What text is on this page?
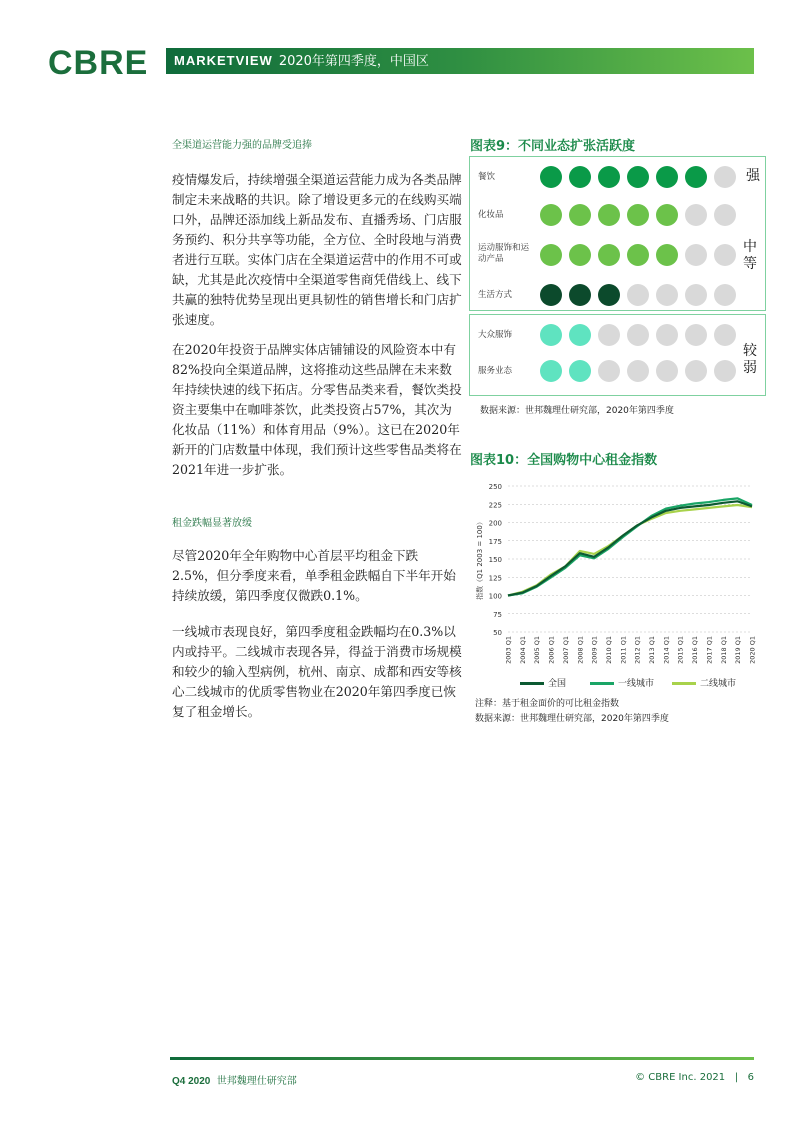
CBRE	MARKETVIEW 2020年第四季度，中国区
全渠道运营能力强的品牌受追捧

疫情爆发后，持续增强全渠道运营能力成为各类品牌制定未来战略的共识。除了增设更多元的在线购买端口外，品牌还添加线上新品发布、直播秀场、门店服务预约、积分共享等功能，全方位、全时段地与消费者进行互联。实体门店在全渠道运营中的作用不可或缺，尤其是此次疫情中全渠道零售商凭借线上、线下共赢的独特优势呈现出更具韧性的销售增长和门店扩张速度。

在2020年投资于品牌实体店铺铺设的风险资本中有82%投向全渠道品牌，这将推动这些品牌在未来数年持续快速的线下拓店。分零售品类来看，餐饮类投资主要集中在咖啡茶饮，此类投资占57%，其次为化妆品（11%）和体育用品（9%）。这已在2020年新开的门店数量中体现，我们预计这些零售品类将在2021年进一步扩张。

租金跌幅显著放缓

尽管2020年全年购物中心首层平均租金下跌2.5%，但分季度来看，单季租金跌幅自下半年开始持续放缓，第四季度仅微跌0.1%。

一线城市表现良好，第四季度租金跌幅均在0.3%以内或持平。二线城市表现各异，得益于消费市场规模和较少的输入型病例，杭州、南京、成都和西安等核心二线城市的优质零售物业在2020年第四季度已恢复了租金增长。

图表9：不同业态扩张活跃度
餐饮
化妆品
运动服饰和运动产品
生活方式
强
中等
大众服饰
服务业态
较弱
数据来源：世邦魏理仕研究部，2020年第四季度
图表10：全国购物中心租金指数
50
75
100
125
150
175
200
225
250
2003 Q1 2004 Q1 2005 Q1 2006 Q1 2007 Q1 2008 Q1 2009 Q1 2010 Q1 2011 Q1 2012 Q1 2013 Q1 2014 Q1 2015 Q1 2016 Q1 2017 Q1 2018 Q1 2019 Q1 2020 Q1
指数（Q1 2003 = 100）
全国	一线城市	二线城市
注释：基于租金面价的可比租金指数
数据来源：世邦魏理仕研究部，2020年第四季度
Q4 2020 世邦魏理仕研究部	© CBRE Inc. 2021 | 6
